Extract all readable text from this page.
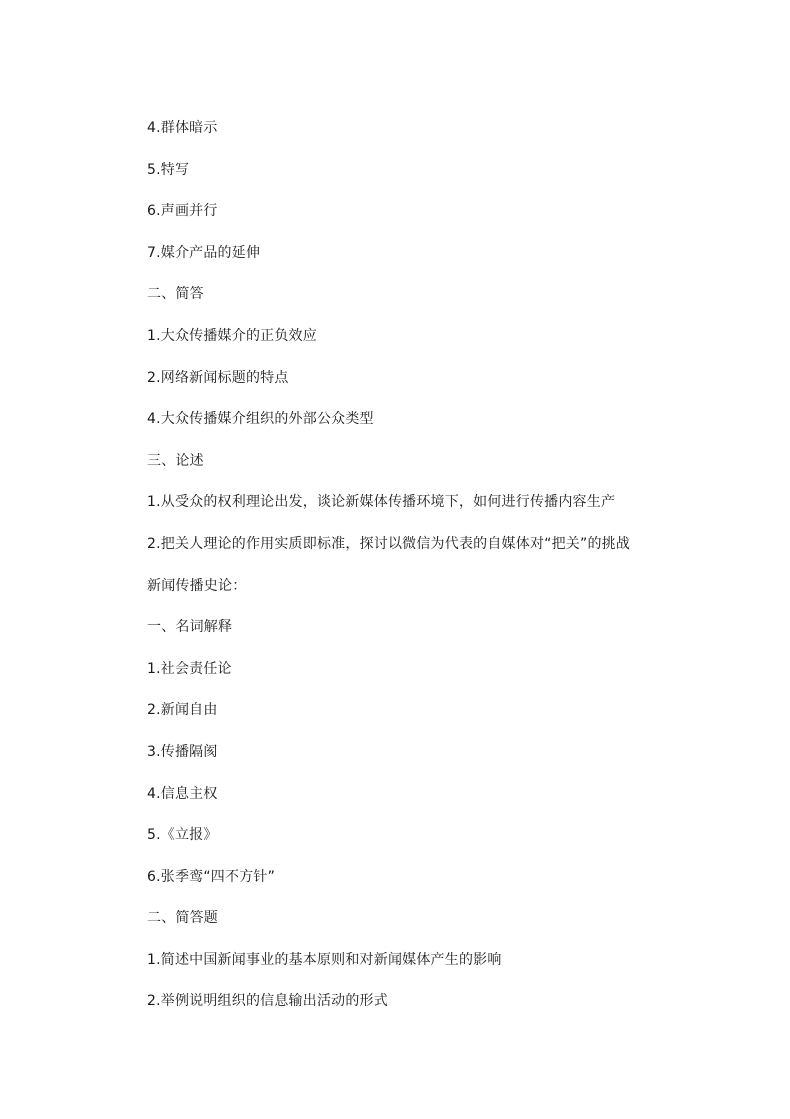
4.群体暗示
5.特写
6.声画并行
7.媒介产品的延伸
二、简答
1.大众传播媒介的正负效应
2.网络新闻标题的特点
4.大众传播媒介组织的外部公众类型
三、论述
1.从受众的权利理论出发，谈论新媒体传播环境下，如何进行传播内容生产
2.把关人理论的作用实质即标准，探讨以微信为代表的自媒体对“把关”的挑战
新闻传播史论：
一、名词解释
1.社会责任论
2.新闻自由
3.传播隔阂
4.信息主权
5.《立报》
6.张季鸾“四不方针”
二、简答题
1.简述中国新闻事业的基本原则和对新闻媒体产生的影响
2.举例说明组织的信息输出活动的形式
